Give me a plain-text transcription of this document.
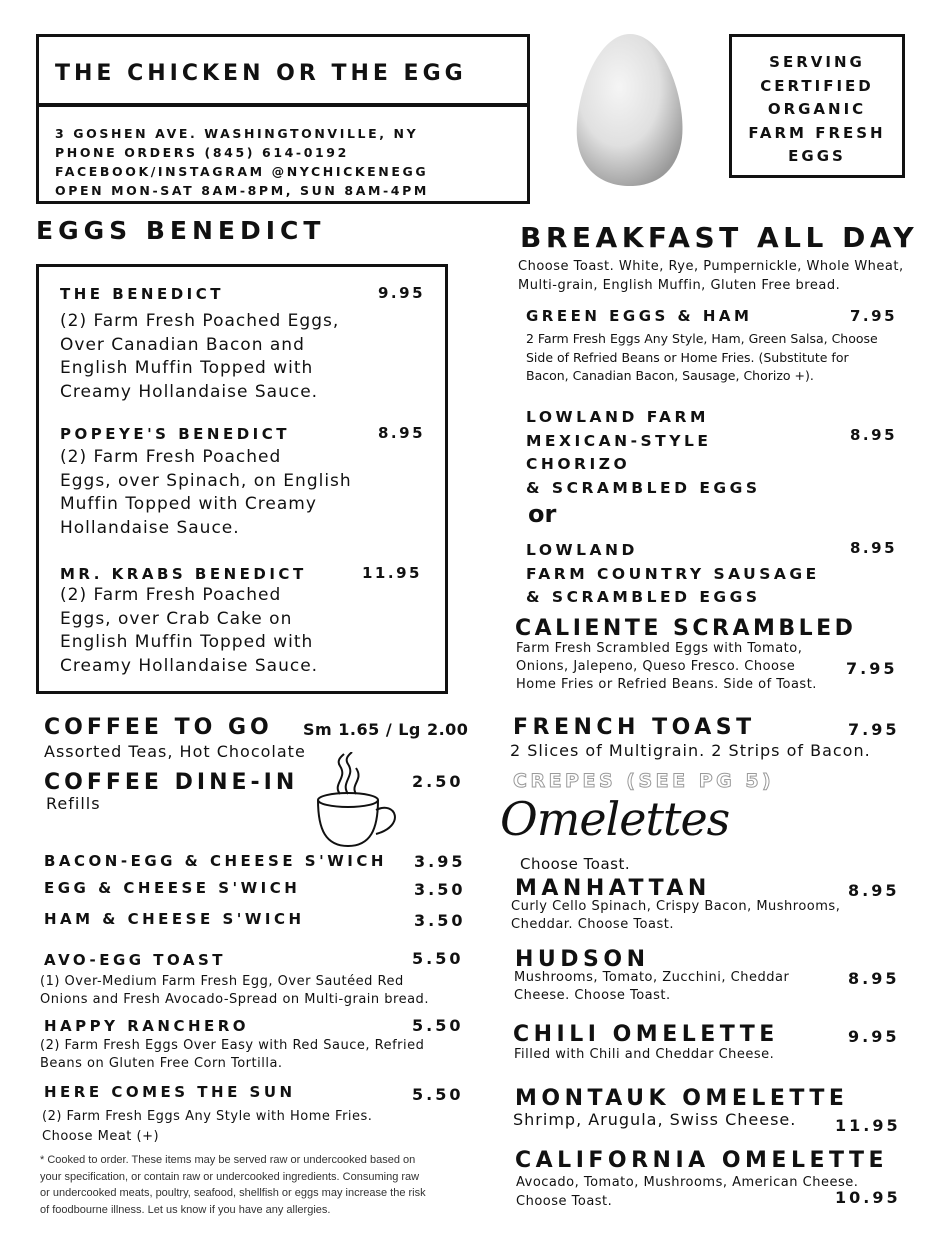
THE CHICKEN OR THE EGG
3 GOSHEN AVE. WASHINGTONVILLE, NY
PHONE ORDERS (845) 614-0192
FACEBOOK/INSTAGRAM @NYCHICKENEGG
OPEN MON-SAT 8AM-8PM, SUN 8AM-4PM
SERVING
CERTIFIED
ORGANIC
FARM FRESH
EGGS
EGGS BENEDICT
THE BENEDICT	9.95
(2) Farm Fresh Poached Eggs,
Over Canadian Bacon and
English Muffin Topped with
Creamy Hollandaise Sauce.
POPEYE'S BENEDICT	8.95
(2) Farm Fresh Poached
Eggs, over Spinach, on English
Muffin Topped with Creamy
Hollandaise Sauce.
MR. KRABS BENEDICT	11.95
(2) Farm Fresh Poached
Eggs, over Crab Cake on
English Muffin Topped with
Creamy Hollandaise Sauce.
COFFEE TO GO Sm 1.65 / Lg 2.00
Assorted Teas, Hot Chocolate
COFFEE DINE-IN	2.50
Refills
BACON-EGG & CHEESE S'WICH 3.95
EGG & CHEESE S'WICH	3.50
HAM & CHEESE S'WICH	3.50
AVO-EGG TOAST	5.50
(1) Over-Medium Farm Fresh Egg, Over Sautéed Red
Onions and Fresh Avocado-Spread on Multi-grain bread.
HAPPY RANCHERO	5.50
(2) Farm Fresh Eggs Over Easy with Red Sauce, Refried
Beans on Gluten Free Corn Tortilla.
HERE COMES THE SUN	5.50
(2) Farm Fresh Eggs Any Style with Home Fries.
Choose Meat (+)
* Cooked to order. These items may be served raw or undercooked based on
your specification, or contain raw or undercooked ingredients. Consuming raw
or undercooked meats, poultry, seafood, shellfish or eggs may increase the risk
of foodbourne illness. Let us know if you have any allergies.
BREAKFAST ALL DAY
Choose Toast. White, Rye, Pumpernickle, Whole Wheat,
Multi-grain, English Muffin, Gluten Free bread.
GREEN EGGS & HAM	7.95
2 Farm Fresh Eggs Any Style, Ham, Green Salsa, Choose
Side of Refried Beans or Home Fries. (Substitute for
Bacon, Canadian Bacon, Sausage, Chorizo +).
LOWLAND FARM
MEXICAN-STYLE
CHORIZO
& SCRAMBLED EGGS
8.95
or
LOWLAND
FARM COUNTRY SAUSAGE
& SCRAMBLED EGGS
8.95
CALIENTE SCRAMBLED
Farm Fresh Scrambled Eggs with Tomato,
Onions, Jalepeno, Queso Fresco. Choose
Home Fries or Refried Beans. Side of Toast.
7.95
FRENCH TOAST	7.95
2 Slices of Multigrain. 2 Strips of Bacon.
CREPES (SEE PG 5)
Omelettes
Choose Toast.
MANHATTAN	8.95
Curly Cello Spinach, Crispy Bacon, Mushrooms,
Cheddar. Choose Toast.
HUDSON
8.95
Mushrooms, Tomato, Zucchini, Cheddar
Cheese. Choose Toast.
CHILI OMELETTE	9.95
Filled with Chili and Cheddar Cheese.
MONTAUK OMELETTE
Shrimp, Arugula, Swiss Cheese. 11.95
CALIFORNIA OMELETTE
Avocado, Tomato, Mushrooms, American Cheese.
Choose Toast.	10.95
